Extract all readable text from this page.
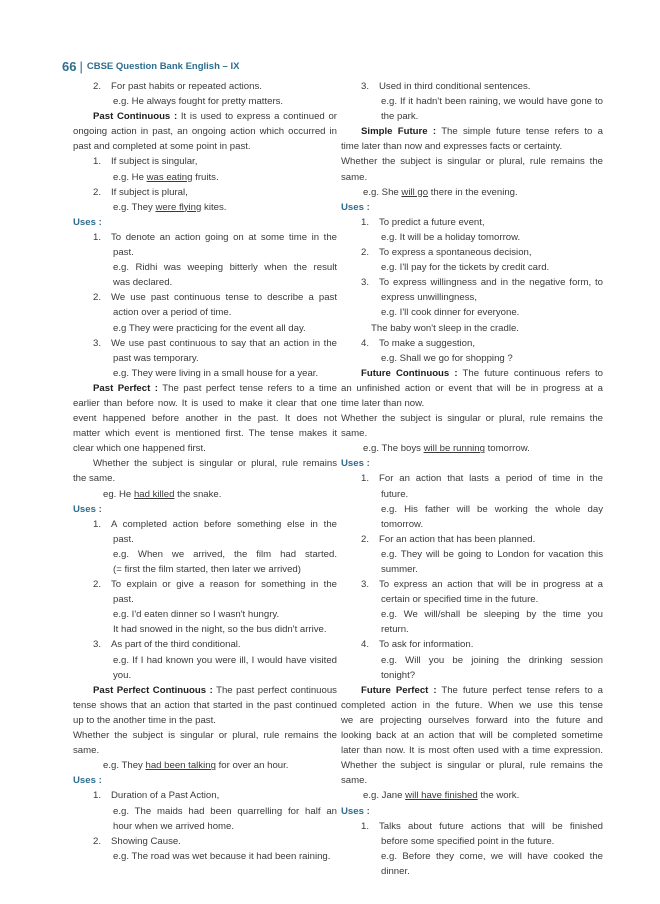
66 | CBSE Question Bank English – IX
2. For past habits or repeated actions.
e.g. He always fought for pretty matters.
Past Continuous : It is used to express a continued or
ongoing action in past, an ongoing action which occurred in
past and completed at some point in past.
1. If subject is singular,
e.g. He was eating fruits.
2. If subject is plural,
e.g. They were flying kites.
Uses :
1. To denote an action going on at some time in the
past.
e.g. Ridhi was weeping bitterly when the result
was declared.
2. We use past continuous tense to describe a past
action over a period of time.
e.g They were practicing for the event all day.
3. We use past continuous to say that an action in the
past was temporary.
e.g. They were living in a small house for a year.
Past Perfect : The past perfect tense refers to a time
earlier than before now. It is used to make it clear that one
event happened before another in the past. It does not
matter which event is mentioned first. The tense makes it
clear which one happened first.
Whether the subject is singular or plural, rule remains
the same.
eg. He had killed the snake.
Uses :
1. A completed action before something else in the
past.
e.g. When we arrived, the film had started.
(= first the film started, then later we arrived)
2. To explain or give a reason for something in the
past.
e.g. I'd eaten dinner so I wasn't hungry.
It had snowed in the night, so the bus didn't arrive.
3. As part of the third conditional.
e.g. If I had known you were ill, I would have visited
you.
Past Perfect Continuous : The past perfect continuous
tense shows that an action that started in the past continued
up to the another time in the past.
Whether the subject is singular or plural, rule remains the
same.
e.g. They had been talking for over an hour.
Uses :
1. Duration of a Past Action,
e.g. The maids had been quarrelling for half an
hour when we arrived home.
2. Showing Cause.
e.g. The road was wet because it had been raining.
3. Used in third conditional sentences.
e.g. If it hadn't been raining, we would have gone to
the park.
Simple Future : The simple future tense refers to a
time later than now and expresses facts or certainty.
Whether the subject is singular or plural, rule remains the
same.
e.g. She will go there in the evening.
Uses :
1. To predict a future event,
e.g. It will be a holiday tomorrow.
2. To express a spontaneous decision,
e.g. I'll pay for the tickets by credit card.
3. To express willingness and in the negative form, to
express unwillingness,
e.g. I'll cook dinner for everyone.
The baby won't sleep in the cradle.
4. To make a suggestion,
e.g. Shall we go for shopping ?
Future Continuous : The future continuous refers to
an unfinished action or event that will be in progress at a
time later than now.
Whether the subject is singular or plural, rule remains the
same.
e.g. The boys will be running tomorrow.
Uses :
1. For an action that lasts a period of time in the
future.
e.g. His father will be working the whole day
tomorrow.
2. For an action that has been planned.
e.g. They will be going to London for vacation this
summer.
3. To express an action that will be in progress at a
certain or specified time in the future.
e.g. We will/shall be sleeping by the time you
return.
4. To ask for information.
e.g. Will you be joining the drinking session
tonight?
Future Perfect : The future perfect tense refers to a
completed action in the future. When we use this tense
we are projecting ourselves forward into the future and
looking back at an action that will be completed sometime
later than now. It is most often used with a time expression.
Whether the subject is singular or plural, rule remains the
same.
e.g. Jane will have finished the work.
Uses :
1. Talks about future actions that will be finished
before some specified point in the future.
e.g. Before they come, we will have cooked the
dinner.
